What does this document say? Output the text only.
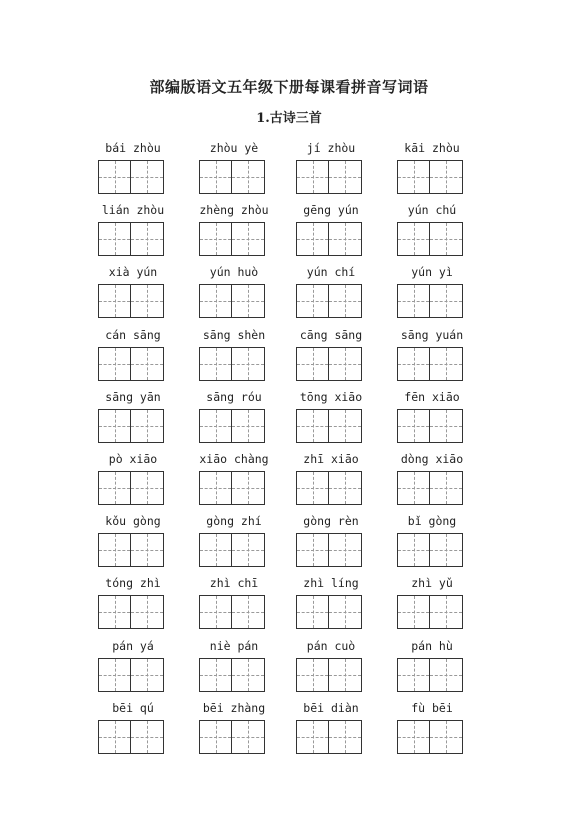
部编版语文五年级下册每课看拼音写词语
1.古诗三首
bái zhòu	zhòu yè	jí zhòu	kāi zhòu
lián zhòu	zhèng zhòu	gēng yún	yún chú
xià yún	yún huò	yún chí	yún yì
cán sāng	sāng shèn	cāng sāng	sāng yuán
sāng yān	sāng róu	tōng xiāo	fēn xiāo
pò xiāo	xiāo chàng	zhī xiāo	dòng xiāo
kǒu gòng	gòng zhí	gòng rèn	bǐ gòng
tóng zhì	zhì chī	zhì líng	zhì yǔ
pán yá	niè pán	pán cuò	pán hù
bēi qú	bēi zhàng	bēi diàn	fù bēi
